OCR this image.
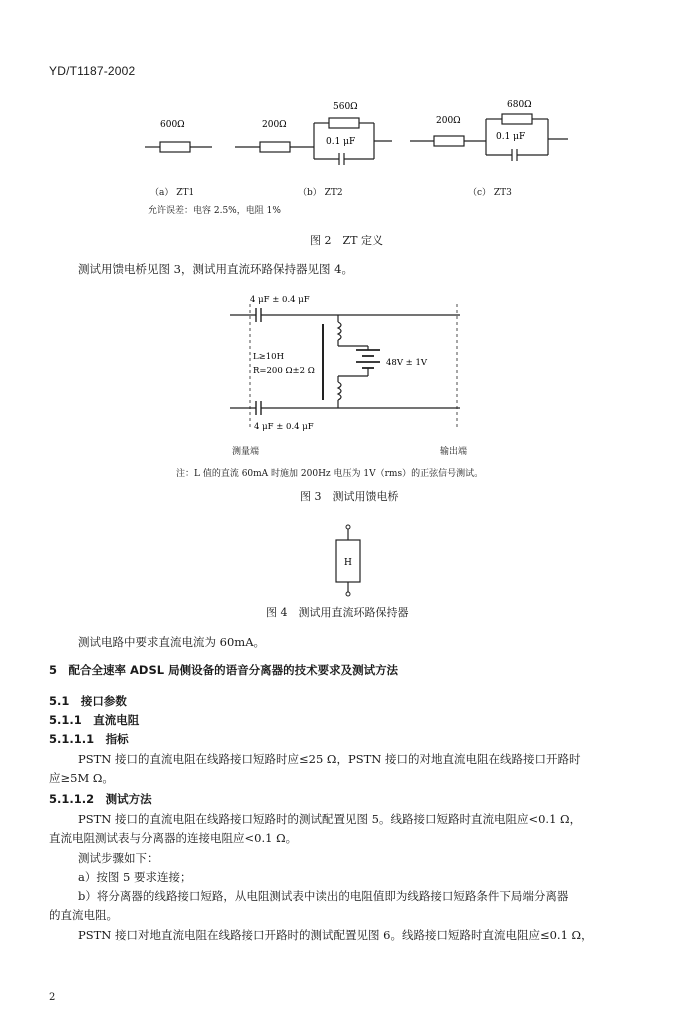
YD/T1187-2002
600Ω	200Ω
560Ω
0.1 μF
200Ω
680Ω
0.1 μF
（a） ZT1	（b） ZT2	（c） ZT3
允许误差：电容 2.5%，电阻 1%
图 2　ZT 定义
测试用馈电桥见图 3，测试用直流环路保持器见图 4。
4 μF ± 0.4 μF
48V ± 1V
L≥10H
R=200 Ω±2 Ω
4 μF ± 0.4 μF
测量端	输出端
注：L 值的直流 60mA 时施加 200Hz 电压为 1V（rms）的正弦信号测试。
图 3　测试用馈电桥
H
图 4　测试用直流环路保持器
测试电路中要求直流电流为 60mA。
5　配合全速率 ADSL 局侧设备的语音分离器的技术要求及测试方法
5.1　接口参数
5.1.1　直流电阻
5.1.1.1　指标
PSTN 接口的直流电阻在线路接口短路时应≤25 Ω，PSTN 接口的对地直流电阻在线路接口开路时
应≥5M Ω。
5.1.1.2　测试方法
PSTN 接口的直流电阻在线路接口短路时的测试配置见图 5。线路接口短路时直流电阻应<0.1 Ω，
直流电阻测试表与分离器的连接电阻应<0.1 Ω。
测试步骤如下：
a）按图 5 要求连接；
b）将分离器的线路接口短路，从电阻测试表中读出的电阻值即为线路接口短路条件下局端分离器
的直流电阻。
PSTN 接口对地直流电阻在线路接口开路时的测试配置见图 6。线路接口短路时直流电阻应≤0.1 Ω，
2
